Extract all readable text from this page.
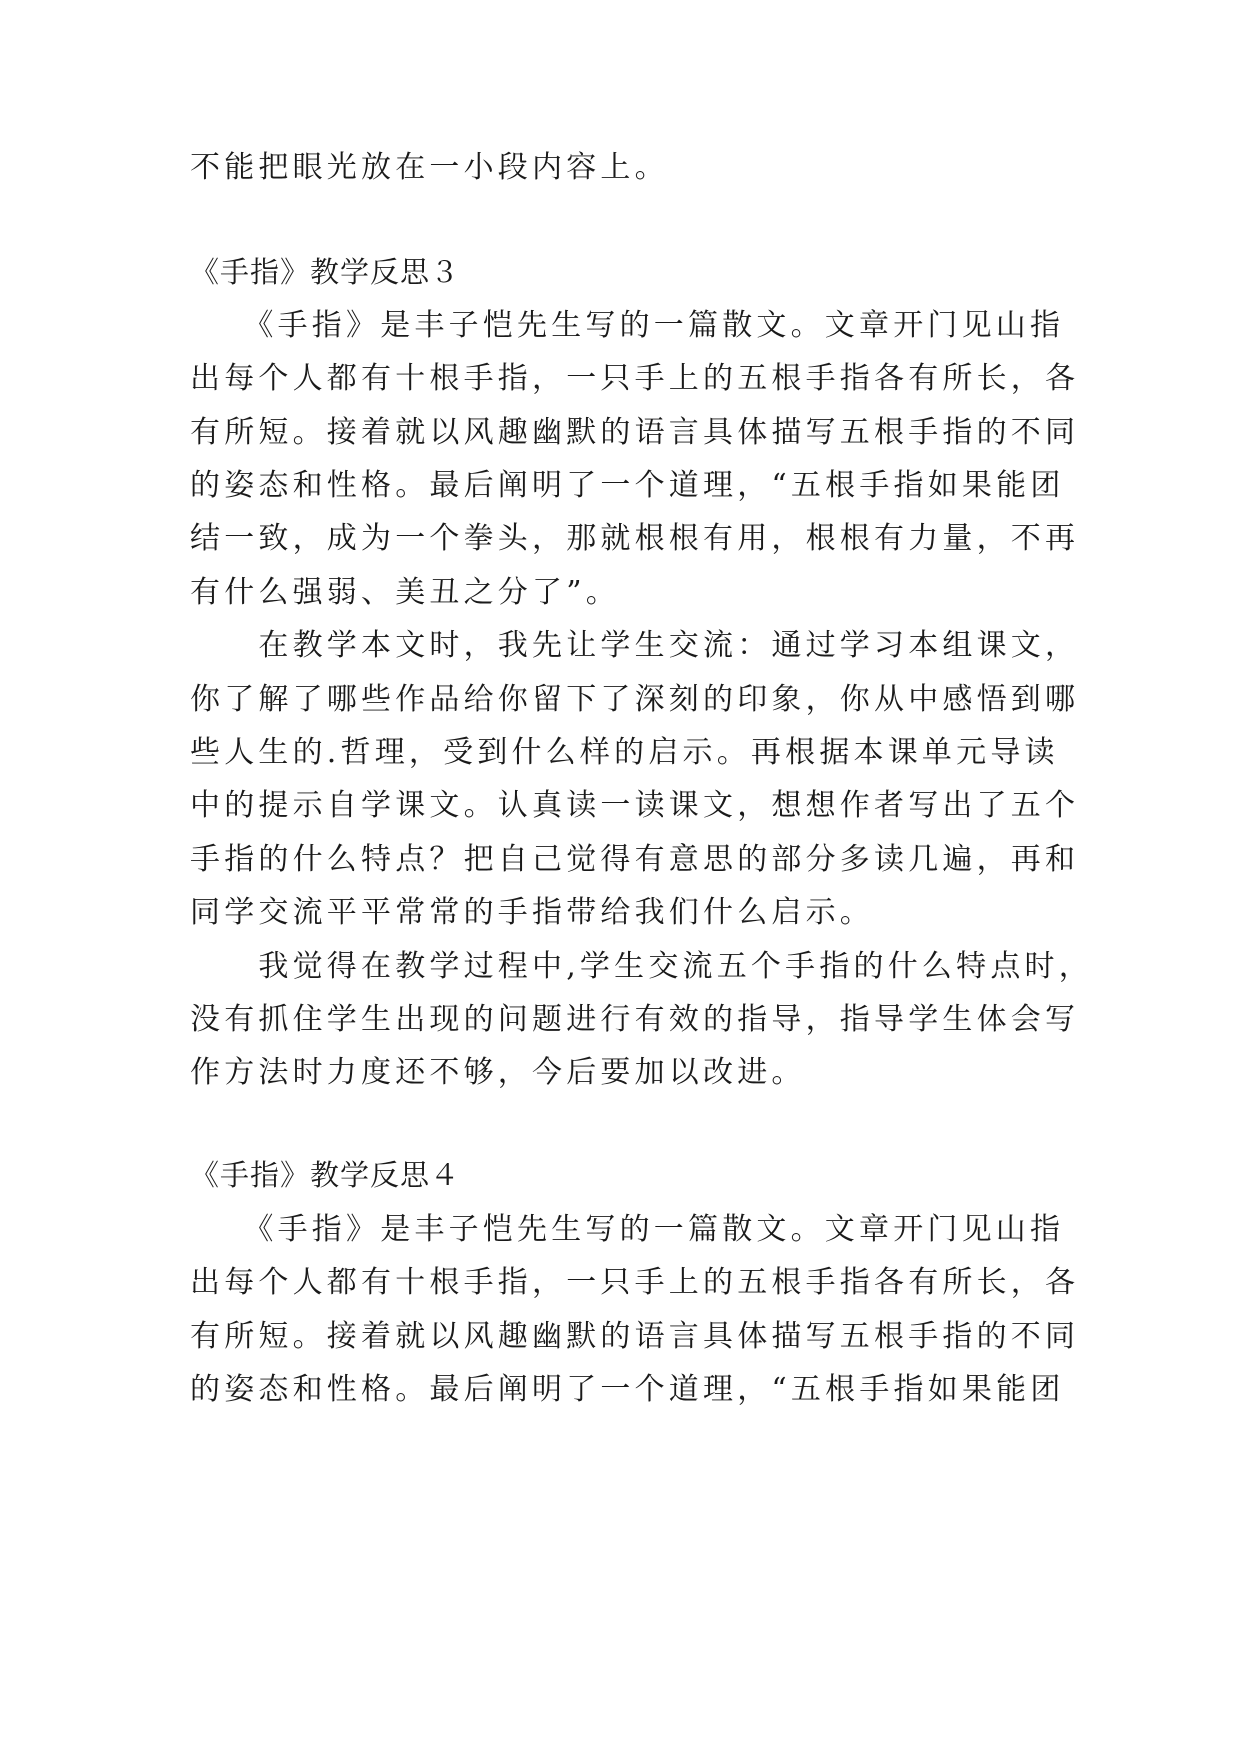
不能把眼光放在一小段内容上。
《手指》教学反思３
　　《手指》是丰子恺先生写的一篇散文。文章开门见山指
出每个人都有十根手指，一只手上的五根手指各有所长，各
有所短。接着就以风趣幽默的语言具体描写五根手指的不同
的姿态和性格。最后阐明了一个道理，“五根手指如果能团
结一致，成为一个拳头，那就根根有用，根根有力量，不再
有什么强弱、美丑之分了”。
　　在教学本文时，我先让学生交流：通过学习本组课文，
你了解了哪些作品给你留下了深刻的印象，你从中感悟到哪
些人生的.哲理，受到什么样的启示。再根据本课单元导读
中的提示自学课文。认真读一读课文，想想作者写出了五个
手指的什么特点？把自己觉得有意思的部分多读几遍，再和
同学交流平平常常的手指带给我们什么启示。
　　我觉得在教学过程中,学生交流五个手指的什么特点时，
没有抓住学生出现的问题进行有效的指导，指导学生体会写
作方法时力度还不够，今后要加以改进。
《手指》教学反思４
　　《手指》是丰子恺先生写的一篇散文。文章开门见山指
出每个人都有十根手指，一只手上的五根手指各有所长，各
有所短。接着就以风趣幽默的语言具体描写五根手指的不同
的姿态和性格。最后阐明了一个道理，“五根手指如果能团
